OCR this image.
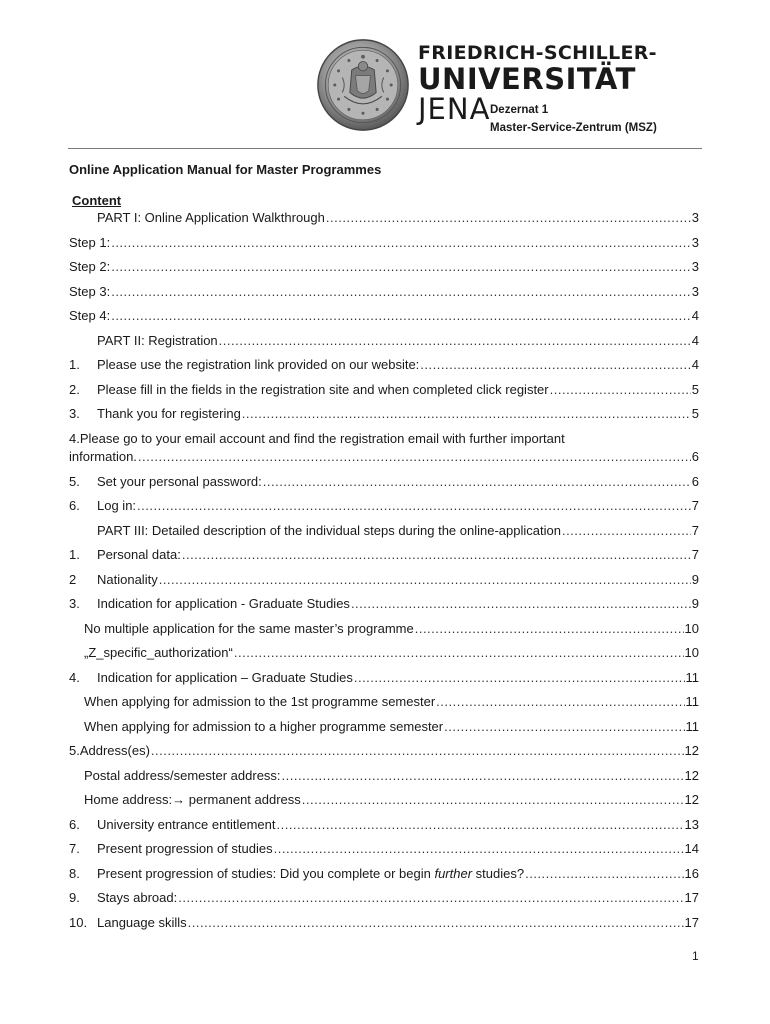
FRIEDRICH-SCHILLER-
UNIVERSITÄT
JENA Dezernat 1
Master-Service-Zentrum (MSZ)
Online Application Manual for Master Programmes
Content
PART I: Online Application Walkthrough .....	3
Step 1: .....	3
Step 2: .....	3
Step 3: .....	3
Step 4: .....	4
PART II: Registration .....	4
1.	Please use the registration link provided on our website: .....	4
2.	Please fill in the fields in the registration site and when completed click register .....	5
3.	Thank you for registering .....	5
4.Please go to your email account and find the registration email with further important
information. .....	6
5.	Set your personal password: .....	6
6.	Log in: .....	7
PART III: Detailed description of the individual steps during the online-application .....	7
1.	Personal data: .....	7
2	Nationality .....	9
3.	Indication for application - Graduate Studies .....	9
No multiple application for the same master’s programme .....	10
„Z_specific_authorization“ .....	10
4.	Indication for application – Graduate Studies .....	11
When applying for admission to the 1st programme semester .....	11
When applying for admission to a higher programme semester .....	11
5.Address(es) .....	12
Postal address/semester address: .....	12
Home address:→ permanent address .....	12
6.	University entrance entitlement .....	13
7.	Present progression of studies .....	14
8.	Present progression of studies: Did you complete or begin further studies? .....	16
9.	Stays abroad: .....	17
10. Language skills .....	17
1
